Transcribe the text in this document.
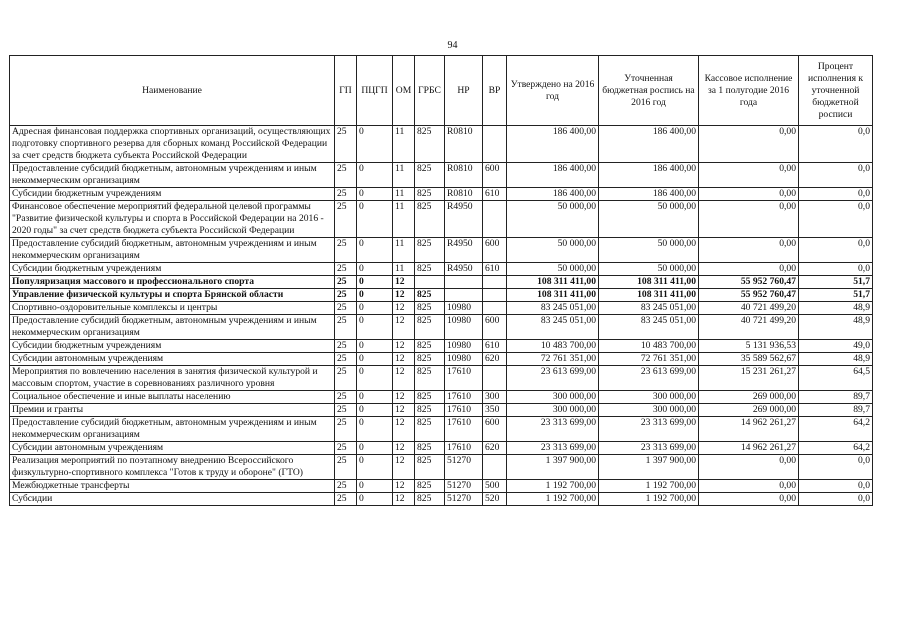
94
Наименование	ГП	ПЦГП	ОМ	ГРБС	НР	ВР	Утверждено на 2016 год	Уточненная бюджетная роспись на 2016 год	Кассовое исполнение за 1 полугодие 2016 года	Процент исполнения к уточненной бюджетной росписи
Адресная финансовая поддержка спортивных организаций, осуществляющих подготовку спортивного резерва для сборных команд Российской Федерации за счет средств бюджета субъекта Российской Федерации	25	0	11	825	R0810		186 400,00	186 400,00	0,00	0,0
Предоставление субсидий бюджетным, автономным учреждениям и иным некоммерческим организациям	25	0	11	825	R0810	600	186 400,00	186 400,00	0,00	0,0
Субсидии бюджетным учреждениям	25	0	11	825	R0810	610	186 400,00	186 400,00	0,00	0,0
Финансовое обеспечение мероприятий федеральной целевой программы "Развитие физической культуры и спорта в Российской Федерации на 2016 - 2020 годы" за счет средств бюджета субъекта Российской Федерации	25	0	11	825	R4950		50 000,00	50 000,00	0,00	0,0
Предоставление субсидий бюджетным, автономным учреждениям и иным некоммерческим организациям	25	0	11	825	R4950	600	50 000,00	50 000,00	0,00	0,0
Субсидии бюджетным учреждениям	25	0	11	825	R4950	610	50 000,00	50 000,00	0,00	0,0
Популяризация массового и профессионального спорта	25	0	12				108 311 411,00	108 311 411,00	55 952 760,47	51,7
Управление физической культуры и спорта Брянской области	25	0	12	825			108 311 411,00	108 311 411,00	55 952 760,47	51,7
Спортивно-оздоровительные комплексы и центры	25	0	12	825	10980		83 245 051,00	83 245 051,00	40 721 499,20	48,9
Предоставление субсидий бюджетным, автономным учреждениям и иным некоммерческим организациям	25	0	12	825	10980	600	83 245 051,00	83 245 051,00	40 721 499,20	48,9
Субсидии бюджетным учреждениям	25	0	12	825	10980	610	10 483 700,00	10 483 700,00	5 131 936,53	49,0
Субсидии автономным учреждениям	25	0	12	825	10980	620	72 761 351,00	72 761 351,00	35 589 562,67	48,9
Мероприятия по вовлечению населения в занятия физической культурой и массовым спортом, участие в соревнованиях различного уровня	25	0	12	825	17610		23 613 699,00	23 613 699,00	15 231 261,27	64,5
Социальное обеспечение и иные выплаты населению	25	0	12	825	17610	300	300 000,00	300 000,00	269 000,00	89,7
Премии и гранты	25	0	12	825	17610	350	300 000,00	300 000,00	269 000,00	89,7
Предоставление субсидий бюджетным, автономным учреждениям и иным некоммерческим организациям	25	0	12	825	17610	600	23 313 699,00	23 313 699,00	14 962 261,27	64,2
Субсидии автономным учреждениям	25	0	12	825	17610	620	23 313 699,00	23 313 699,00	14 962 261,27	64,2
Реализация мероприятий по поэтапному внедрению Всероссийского физкультурно-спортивного комплекса "Готов к труду и обороне" (ГТО)	25	0	12	825	51270		1 397 900,00	1 397 900,00	0,00	0,0
Межбюджетные трансферты	25	0	12	825	51270	500	1 192 700,00	1 192 700,00	0,00	0,0
Субсидии	25	0	12	825	51270	520	1 192 700,00	1 192 700,00	0,00	0,0
